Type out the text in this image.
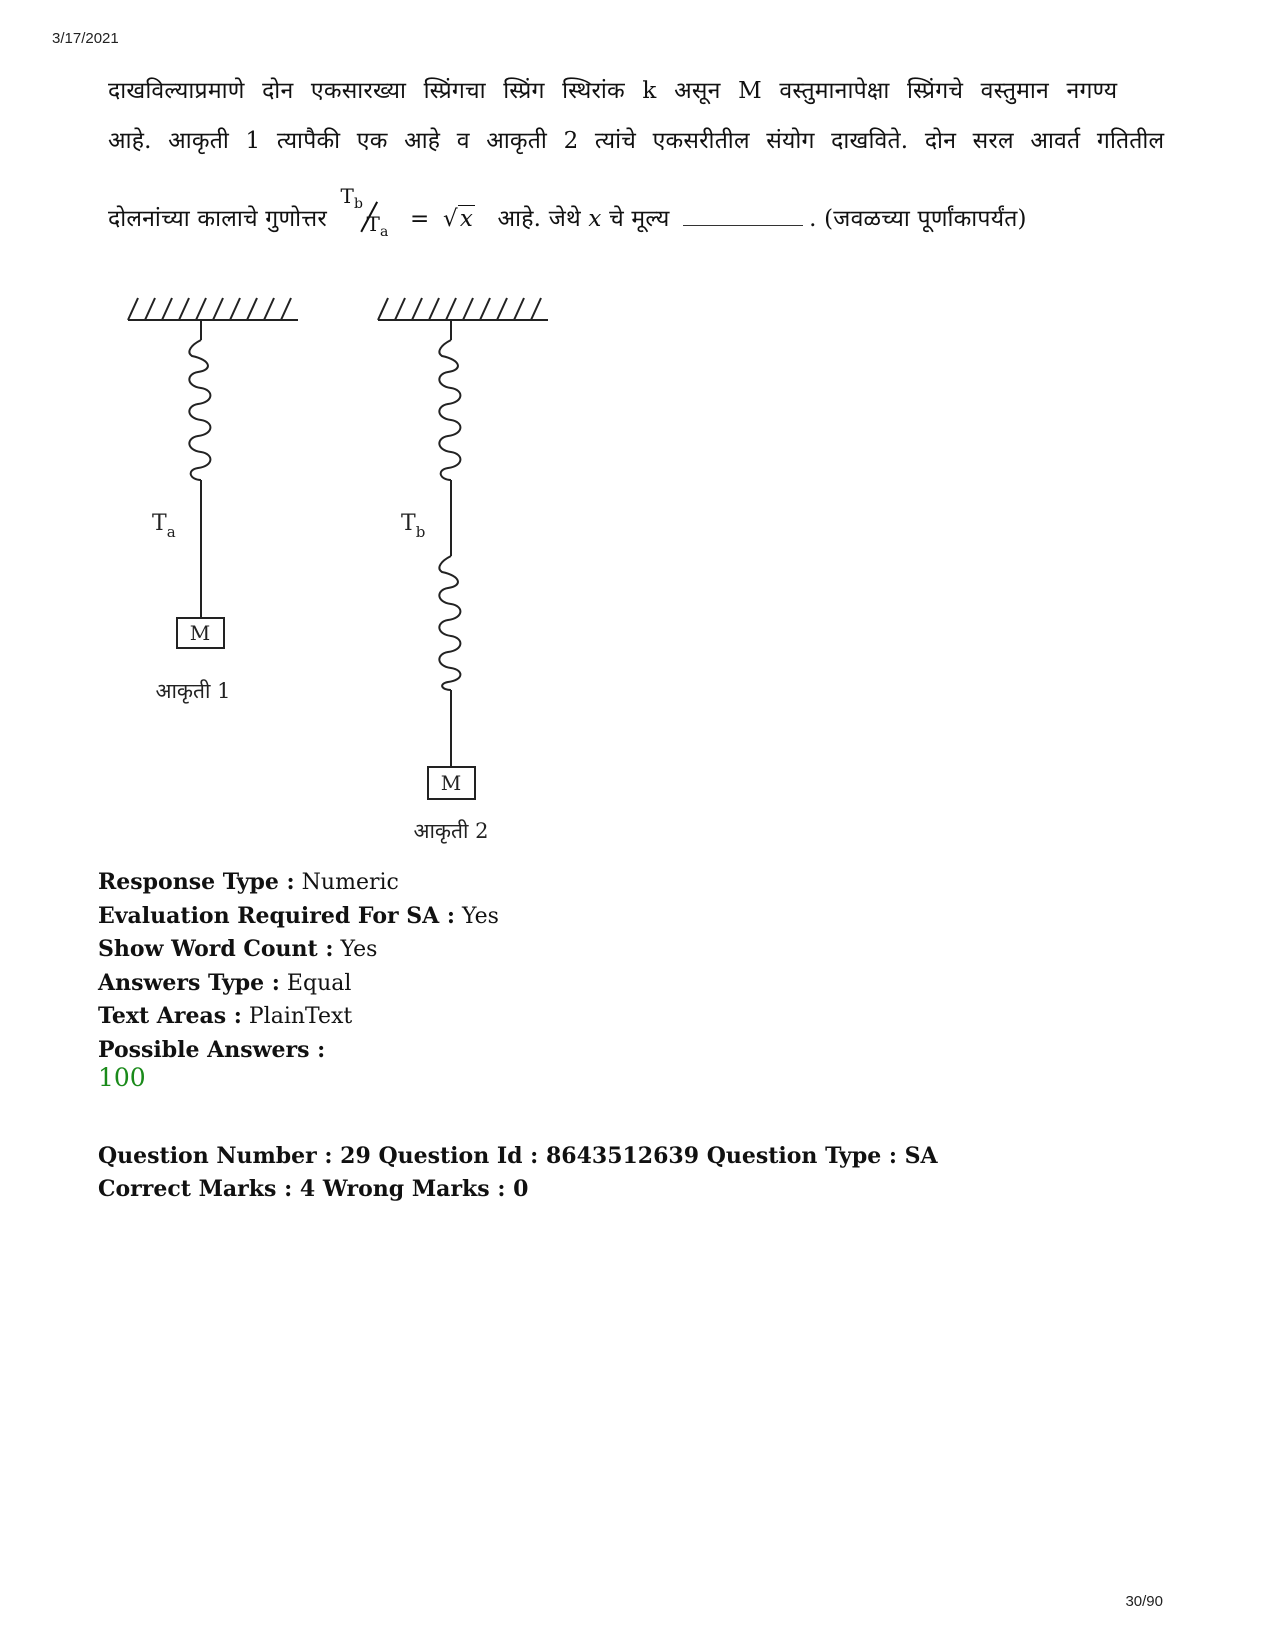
3/17/2021
दाखविल्याप्रमाणे दोन एकसारख्या स्प्रिंगचा स्प्रिंग स्थिरांक k असून M वस्तुमानापेक्षा स्प्रिंगचे वस्तुमान नगण्य
आहे. आकृती 1 त्यापैकी एक आहे व आकृती 2 त्यांचे एकसरीतील संयोग दाखविते. दोन सरल आवर्त गतितील
दोलनांच्या कालाचे गुणोत्तर
$T_b$
$T_a = √x$ आहे. जेथे x चे मूल्य	. (जवळच्या पूर्णांकापर्यंत)
$T_a$
M
आकृती 1
$T_b$
M
आकृती 2
Response Type : Numeric
Evaluation Required For SA : Yes
Show Word Count : Yes
Answers Type : Equal
Text Areas : PlainText
Possible Answers :
100
Question Number : 29 Question Id : 8643512639 Question Type : SA
Correct Marks : 4 Wrong Marks : 0
30/90
